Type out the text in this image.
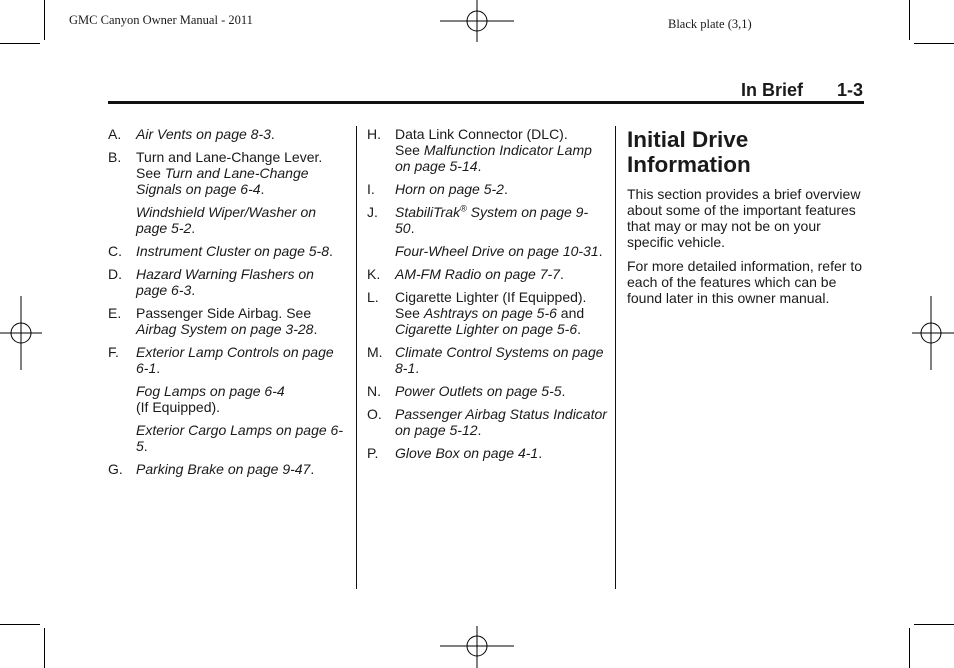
GMC Canyon Owner Manual - 2011	Black plate (3,1)
In Brief 1-3
A.	Air Vents on page 8-3.
B.	Turn and Lane-Change Lever.
See Turn and Lane-Change Signals on page 6-4.
Windshield Wiper/Washer on page 5-2.
C.	Instrument Cluster on page 5-8.
D.	Hazard Warning Flashers on page 6-3.
E.	Passenger Side Airbag. See
Airbag System on page 3-28.
F.	Exterior Lamp Controls on page 6-1.
Fog Lamps on page 6-4
(If Equipped).
Exterior Cargo Lamps on page 6-5.
G. Parking Brake on page 9-47.
H.	Data Link Connector (DLC).
See Malfunction Indicator Lamp on page 5-14.
I.	Horn on page 5-2.
J.	StabiliTrak® System on page 9-50.
Four-Wheel Drive on page 10-31.
K.	AM-FM Radio on page 7-7.
L.	Cigarette Lighter (If Equipped).
See Ashtrays on page 5-6 and Cigarette Lighter on page 5-6.
M. Climate Control Systems on page 8-1.
N.	Power Outlets on page 5-5.
O. Passenger Airbag Status Indicator on page 5-12.
P.	Glove Box on page 4-1.
Initial Drive Information

This section provides a brief overview about some of the important features that may or may not be on your specific vehicle.

For more detailed information, refer to each of the features which can be found later in this owner manual.
